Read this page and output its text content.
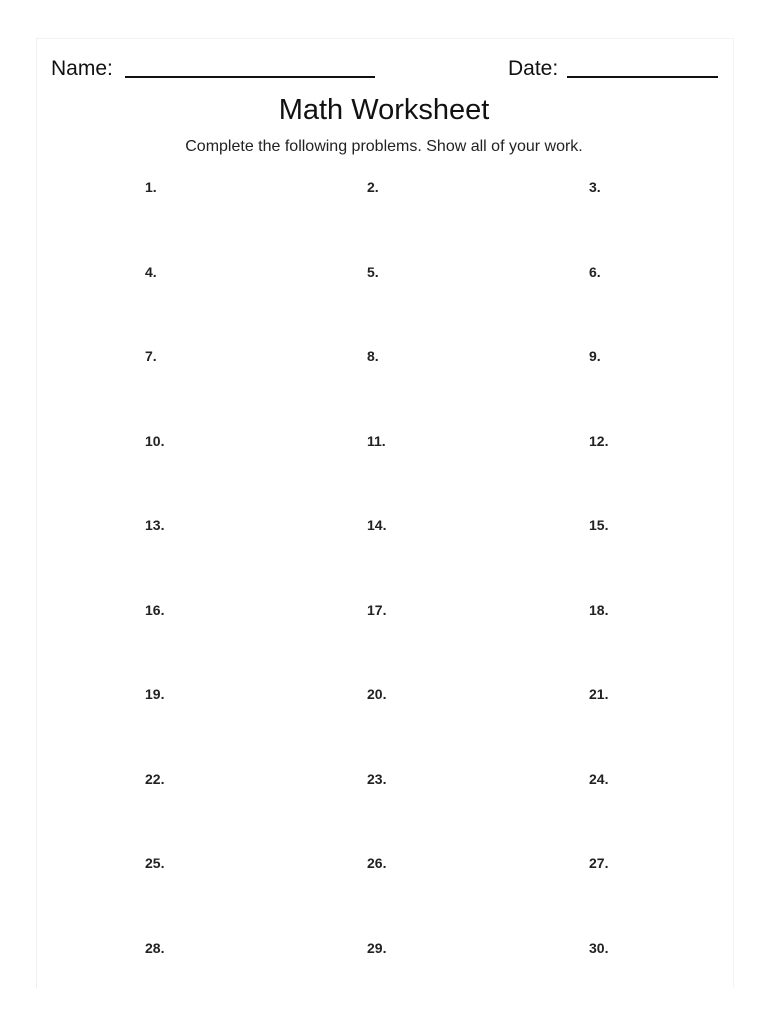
Name:	Date:
Math Worksheet
Complete the following problems. Show all of your work.
1.	2.	3.
4.	5.	6.
7.	8.	9.
10.	11.	12.
13.	14.	15.
16.	17.	18.
19.	20.	21.
22.	23.	24.
25.	26.	27.
28.	29.	30.
